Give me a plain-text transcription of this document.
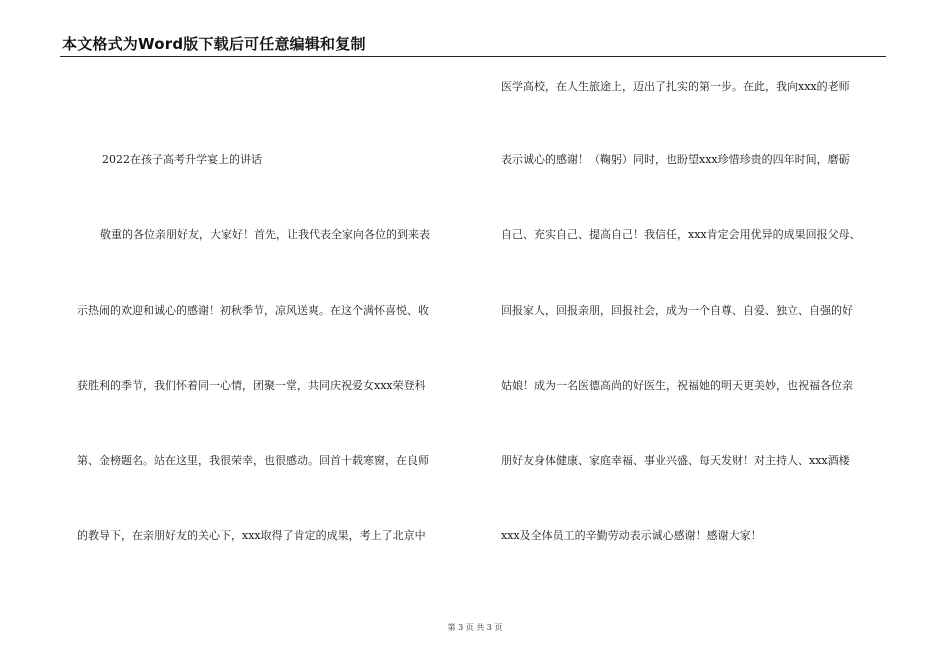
本文格式为Word版下载后可任意编辑和复制
2022在孩子高考升学宴上的讲话
敬重的各位亲朋好友，大家好！首先，让我代表全家向各位的到来表
示热闹的欢迎和诚心的感谢！初秋季节，凉风送爽。在这个满怀喜悦、收
获胜利的季节，我们怀着同一心情，团聚一堂，共同庆祝爱女xxx荣登科
第、金榜题名。站在这里，我很荣幸，也很感动。回首十载寒窗，在良师
的教导下，在亲朋好友的关心下，xxx取得了肯定的成果，考上了北京中
医学高校，在人生旅途上，迈出了扎实的第一步。在此，我向xxx的老师
表示诚心的感谢！（鞠躬）同时，也盼望xxx珍惜珍贵的四年时间，磨砺
自己、充实自己、提高自己！我信任，xxx肯定会用优异的成果回报父母、
回报家人，回报亲朋，回报社会，成为一个自尊、自爱、独立、自强的好
姑娘！成为一名医德高尚的好医生，祝福她的明天更美妙，也祝福各位亲
朋好友身体健康、家庭幸福、事业兴盛、每天发财！对主持人、xxx酒楼
xxx及全体员工的辛勤劳动表示诚心感谢！感谢大家！
第 3 页 共 3 页
